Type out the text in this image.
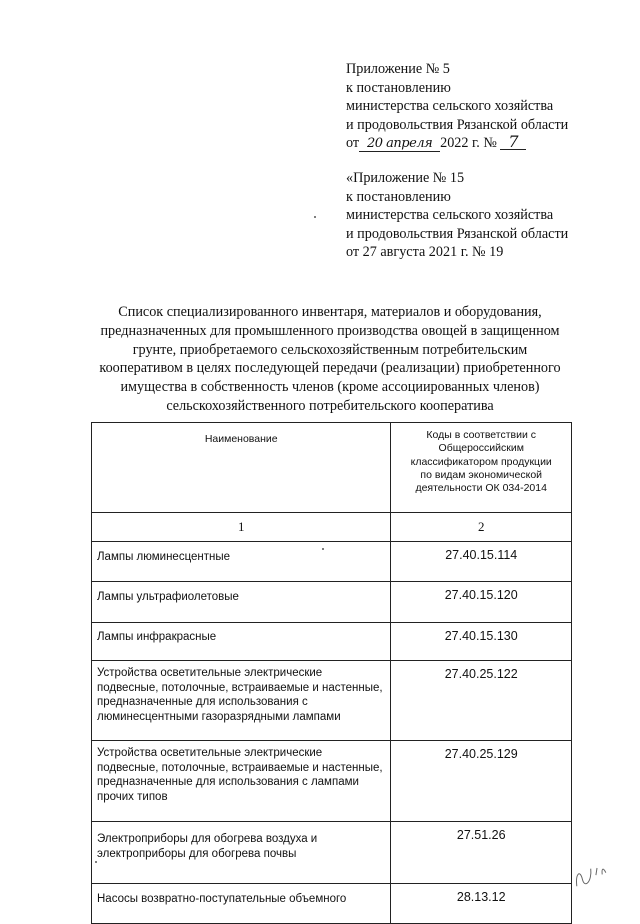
Приложение № 5
к постановлению
министерства сельского хозяйства
и продовольствия Рязанской области
от 20 апреля 2022 г. № 7
«Приложение № 15
к постановлению
министерства сельского хозяйства
и продовольствия Рязанской области
от 27 августа 2021 г. № 19
Список специализированного инвентаря, материалов и оборудования,
предназначенных для промышленного производства овощей в защищенном
грунте, приобретаемого сельскохозяйственным потребительским
кооперативом в целях последующей передачи (реализации) приобретенного
имущества в собственность членов (кроме ассоциированных членов)
сельскохозяйственного потребительского кооператива
Наименование	Коды в соответствии с
Общероссийским
классификатором продукции
по видам экономической
деятельности ОК 034-2014

1	2

Лампы люминесцентные	27.40.15.114

Лампы ультрафиолетовые	27.40.15.120

Лампы инфракрасные	27.40.15.130

Устройства осветительные электрические
подвесные, потолочные, встраиваемые и настенные,
предназначенные для использования с
люминесцентными газоразрядными лампами	27.40.25.122

Устройства осветительные электрические
подвесные, потолочные, встраиваемые и настенные,
предназначенные для использования с лампами
прочих типов	27.40.25.129

Электроприборы для обогрева воздуха и
электроприборы для обогрева почвы	27.51.26

Насосы возвратно-поступательные объемного	28.13.12
